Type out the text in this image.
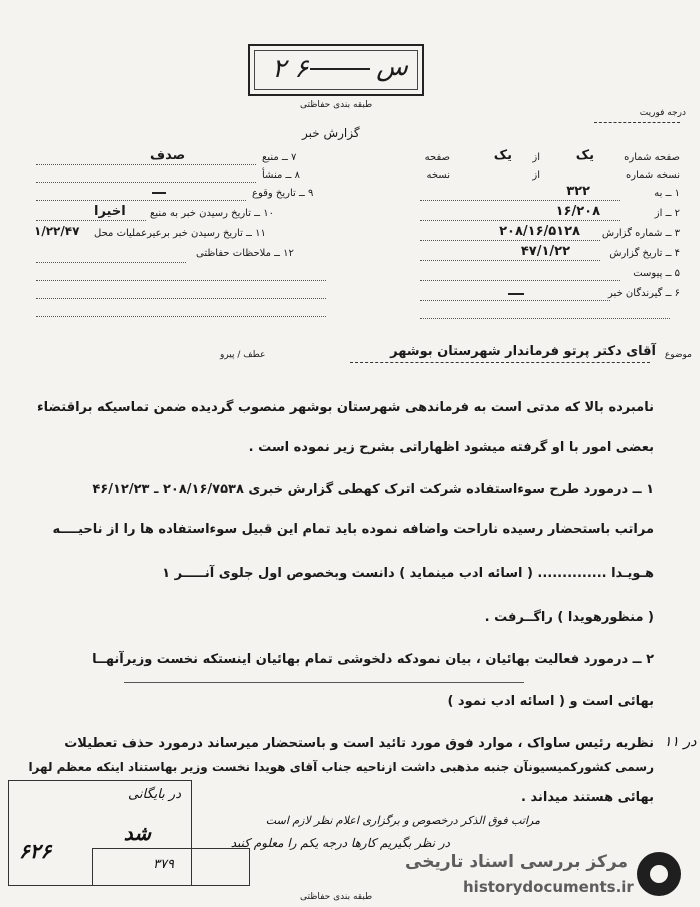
س
۲ ۶
طبقه بندی حفاظتی
درجه فوریت
گزارش خبر
صفحه شماره
یک
از
یک
صفحه
نسخه شماره
از
نسخه
۱ ــ به
۳۲۲
۲ ــ از
۱۶/۲۰۸
۳ ــ شماره گزارش
۲۰۸/۱۶/۵۱۲۸
۴ ــ تاریخ گزارش
۴۷/۱/۲۲
۵ ــ پیوست
۶ ــ گیرندگان خبر
۷ ــ منبع
صدف
۸ ــ منشأ
۹ ــ تاریخ وقوع
۱۰ ــ تاریخ رسیدن خبر به منبع
اخیرا
۱۱ ــ تاریخ رسیدن خبر برعیرعملیات محل
۱/۲۲/۴۷
۱۲ ــ ملاحظات حفاظتی
موضوع
آقای دکتر پرتو فرماندار شهرستان بوشهر
عطف / پیرو
نامبرده بالا که مدتی است به فرماندهی شهرستان بوشهر منصوب گردیده ضمن تماسیکه براقتضاء
بعضی امور با او گرفته میشود اظهاراتی بشرح زیر نموده است .
۱ ــ درمورد طرح سوءاستفاده شرکت اترک کهطی گزارش خبری ۲۰۸/۱۶/۷۵۳۸ ـ ۴۶/۱۲/۲۳
مراتب باستحضار رسیده ناراحت واضافه نموده باید تمام این قبیل سوءاستفاده ها را از ناحیــــه
هـویـدا .............. ( اسائه ادب مینماید ) دانست وبخصوص اول جلوی آنـــــر ۱
( منظورهویدا ) راگــرفت .
۲ ــ درمورد فعالیت بهائیان ، بیان نمودکه دلخوشی تمام بهائیان اینستکه نخست وزیرآنهــا
بهائی است و ( اسائه ادب نمود )
نظریه رئیس ساواک ، موارد فوق مورد تائید است و باستحضار میرساند درمورد حذف تعطیلات
رسمی کشورکمیسیونآن جنبه مذهبی داشت ازناحیه جناب آقای هویدا نخست وزیر بهاستناد اینکه معظم لهرا
بهائی هستند میداند .
مراتب فوق الذکر درخصوص و برگزاری اعلام نظر لازم است
در نظر بگیریم کارها درجه یکم را معلوم کنید
در ۱۱
در بایگانی
شد
۶۲۶
۳۷۹
طبقه بندی حفاظتی
مرکز بررسی اسناد تاریخی
historydocuments.ir
